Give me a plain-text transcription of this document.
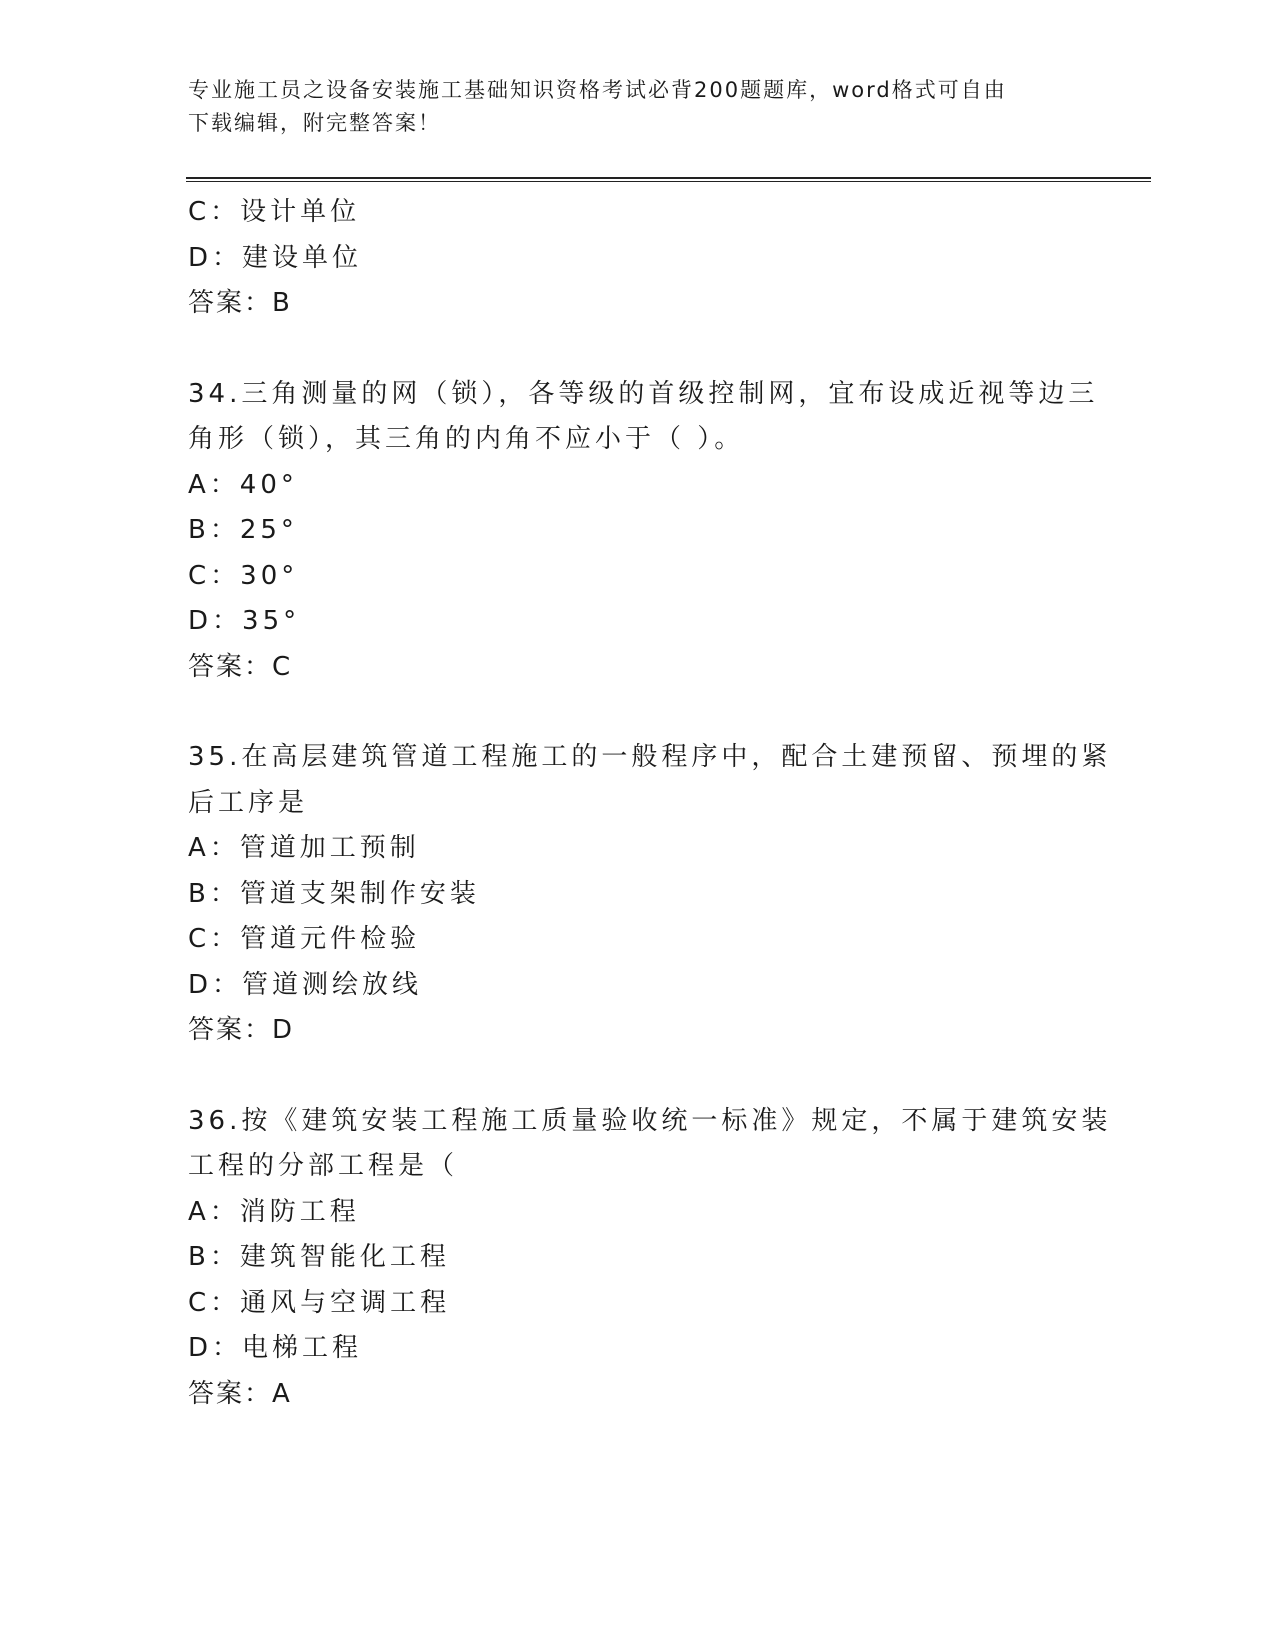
专业施工员之设备安装施工基础知识资格考试必背200题题库，word格式可自由
下载编辑，附完整答案！
C：设计单位
D：建设单位
答案：B
34.三角测量的网（锁），各等级的首级控制网，宜布设成近视等边三
角形（锁），其三角的内角不应小于（ ）。
A：40°
B：25°
C：30°
D：35°
答案：C
35.在高层建筑管道工程施工的一般程序中，配合土建预留、预埋的紧
后工序是
A：管道加工预制
B：管道支架制作安装
C：管道元件检验
D：管道测绘放线
答案：D
36.按《建筑安装工程施工质量验收统一标准》规定，不属于建筑安装
工程的分部工程是（
A：消防工程
B：建筑智能化工程
C：通风与空调工程
D：电梯工程
答案：A
